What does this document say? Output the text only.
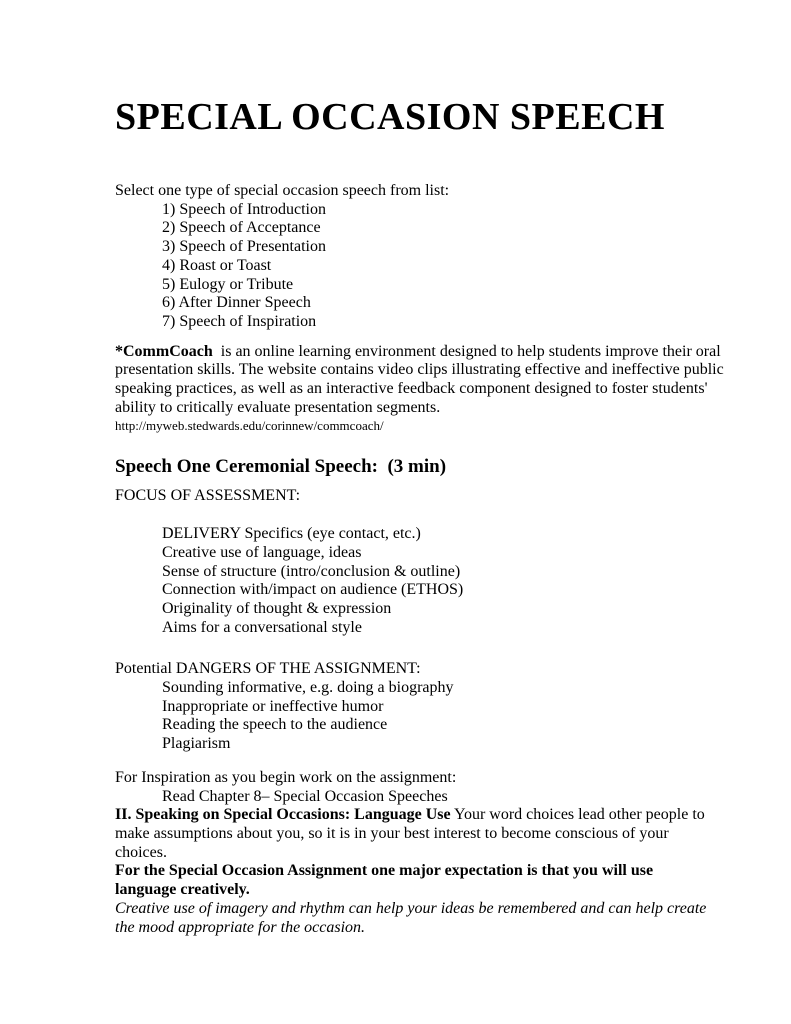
SPECIAL OCCASION SPEECH

Select one type of special occasion speech from list:

1) Speech of Introduction

2) Speech of Acceptance

3) Speech of Presentation

4) Roast or Toast

5) Eulogy or Tribute

6) After Dinner Speech

7) Speech of Inspiration

*CommCoach  is an online learning environment designed to help students improve their oral
presentation skills. The website contains video clips illustrating effective and ineffective public
speaking practices, as well as an interactive feedback component designed to foster students'
ability to critically evaluate presentation segments.

http://myweb.stedwards.edu/corinnew/commcoach/

Speech One Ceremonial Speech:  (3 min)

FOCUS OF ASSESSMENT:

DELIVERY Specifics (eye contact, etc.)

Creative use of language, ideas

Sense of structure (intro/conclusion & outline)

Connection with/impact on audience (ETHOS)

Originality of thought & expression

Aims for a conversational style

Potential DANGERS OF THE ASSIGNMENT:

Sounding informative, e.g. doing a biography

Inappropriate or ineffective humor

Reading the speech to the audience

Plagiarism

For Inspiration as you begin work on the assignment:

Read Chapter 8– Special Occasion Speeches

II. Speaking on Special Occasions: Language Use Your word choices lead other people to

make assumptions about you, so it is in your best interest to become conscious of your

choices.

For the Special Occasion Assignment one major expectation is that you will use

language creatively.

Creative use of imagery and rhythm can help your ideas be remembered and can help create

the mood appropriate for the occasion.
